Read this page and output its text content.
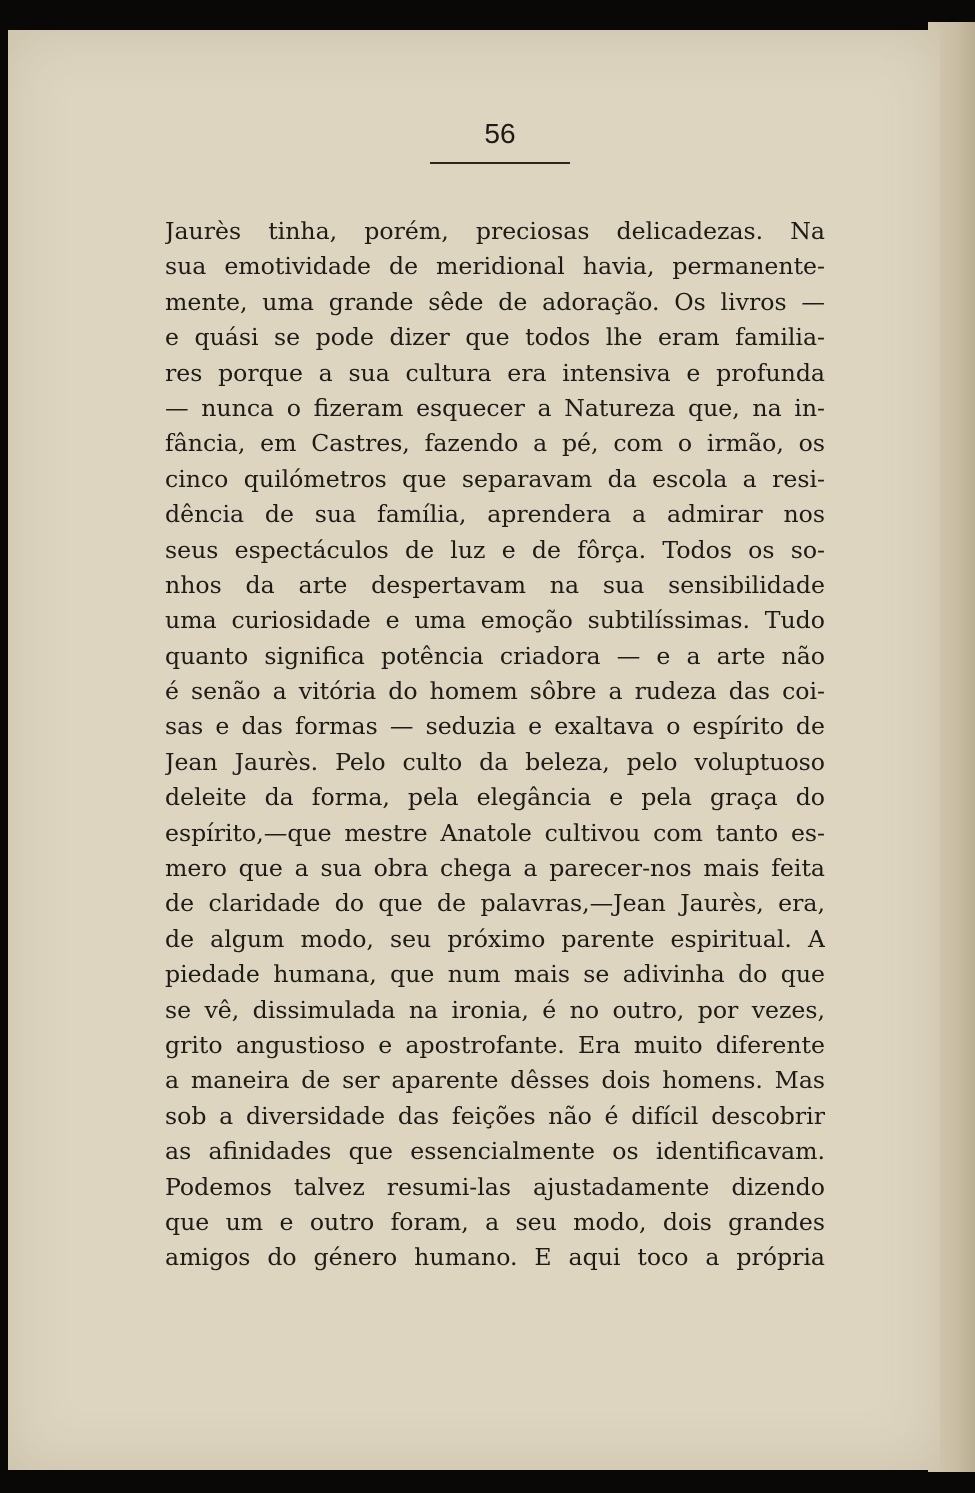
56
Jaurès tinha, porém, preciosas delicadezas. Na
sua emotividade de meridional havia, permanente-
mente, uma grande sêde de adoração. Os livros —
e quási se pode dizer que todos lhe eram familia-
res porque a sua cultura era intensiva e profunda
— nunca o fizeram esquecer a Natureza que, na in-
fância, em Castres, fazendo a pé, com o irmão, os
cinco quilómetros que separavam da escola a resi-
dência de sua família, aprendera a admirar nos
seus espectáculos de luz e de fôrça. Todos os so-
nhos da arte despertavam na sua sensibilidade
uma curiosidade e uma emoção subtilíssimas. Tudo
quanto significa potência criadora — e a arte não
é senão a vitória do homem sôbre a rudeza das coi-
sas e das formas — seduzia e exaltava o espírito de
Jean Jaurès. Pelo culto da beleza, pelo voluptuoso
deleite da forma, pela elegância e pela graça do
espírito,—que mestre Anatole cultivou com tanto es-
mero que a sua obra chega a parecer-nos mais feita
de claridade do que de palavras,—Jean Jaurès, era,
de algum modo, seu próximo parente espiritual. A
piedade humana, que num mais se adivinha do que
se vê, dissimulada na ironia, é no outro, por vezes,
grito angustioso e apostrofante. Era muito diferente
a maneira de ser aparente dêsses dois homens. Mas
sob a diversidade das feições não é difícil descobrir
as afinidades que essencialmente os identificavam.
Podemos talvez resumi-las ajustadamente dizendo
que um e outro foram, a seu modo, dois grandes
amigos do género humano. E aqui toco a própria
